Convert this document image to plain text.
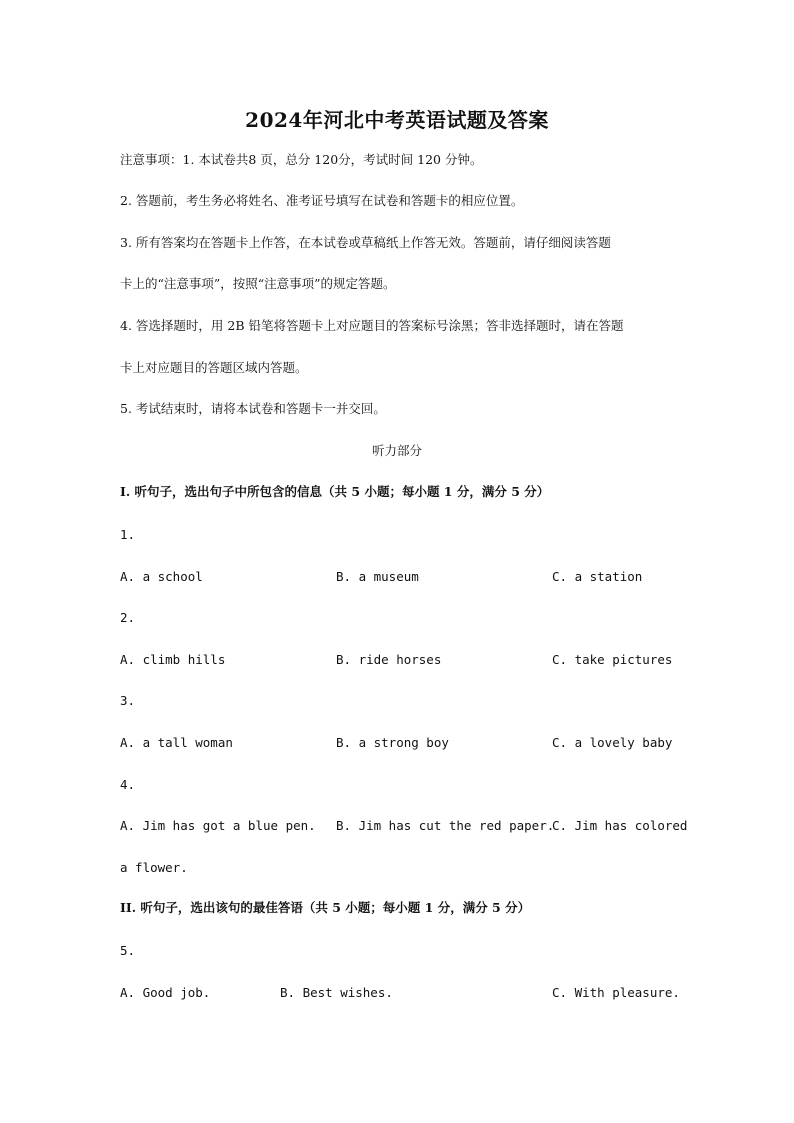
2024年河北中考英语试题及答案
注意事项：1. 本试卷共8 页，总分 120分，考试时间 120 分钟。
2. 答题前，考生务必将姓名、准考证号填写在试卷和答题卡的相应位置。
3. 所有答案均在答题卡上作答，在本试卷或草稿纸上作答无效。答题前，请仔细阅读答题
卡上的“注意事项”，按照“注意事项”的规定答题。
4. 答选择题时，用 2B 铅笔将答题卡上对应题目的答案标号涂黑；答非选择题时，请在答题
卡上对应题目的答题区域内答题。
5. 考试结束时，请将本试卷和答题卡一并交回。
听力部分
I. 听句子，选出句子中所包含的信息（共 5 小题；每小题 1 分，满分 5 分）
1.
A. a school	B. a museum	C. a station
2.
A. climb hills	B. ride horses	C. take pictures
3.
A. a tall woman	B. a strong boy	C. a lovely baby
4.
A. Jim has got a blue pen. B. Jim has cut the red paper.
C. Jim has colored
a flower.
II. 听句子，选出该句的最佳答语（共 5 小题；每小题 1 分，满分 5 分）
5.
A. Good job.	B. Best wishes.	C. With pleasure.
